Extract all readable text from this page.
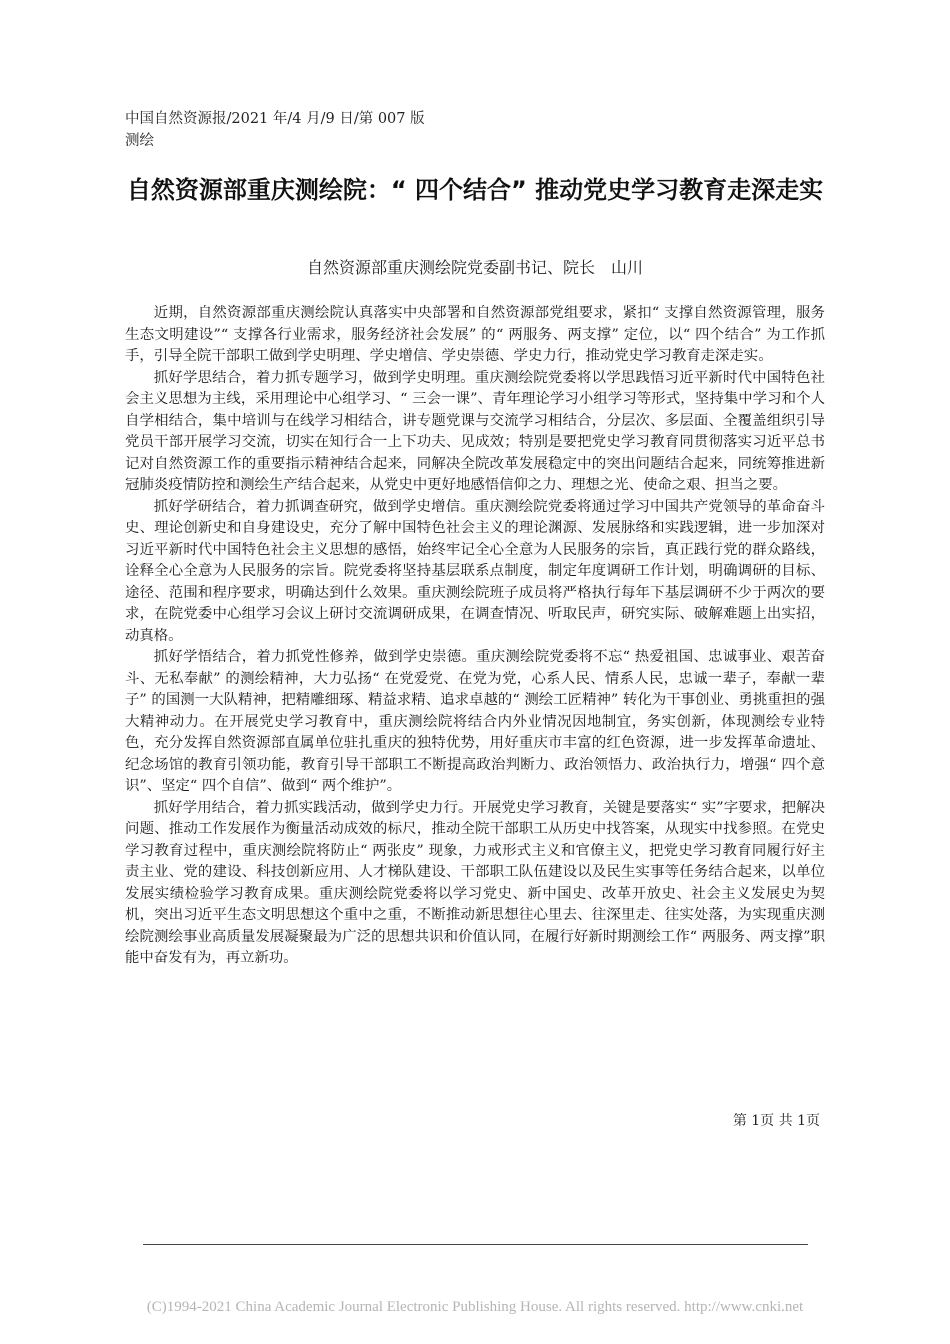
中国自然资源报/2021 年/4 月/9 日/第 007 版测绘
自然资源部重庆测绘院：“ 四个结合” 推动党史学习教育走深走实
自然资源部重庆测绘院党委副书记、院长　山川

近期，自然资源部重庆测绘院认真落实中央部署和自然资源部党组要求，紧扣“ 支撑自然资源管理，服务生态文明建设”“ 支撑各行业需求，服务经济社会发展” 的“ 两服务、两支撑” 定位，以“ 四个结合” 为工作抓手，引导全院干部职工做到学史明理、学史增信、学史崇德、学史力行，推动党史学习教育走深走实。

抓好学思结合，着力抓专题学习，做到学史明理。重庆测绘院党委将以学思践悟习近平新时代中国特色社会主义思想为主线，采用理论中心组学习、“ 三会一课”、青年理论学习小组学习等形式，坚持集中学习和个人自学相结合，集中培训与在线学习相结合，讲专题党课与交流学习相结合，分层次、多层面、全覆盖组织引导党员干部开展学习交流，切实在知行合一上下功夫、见成效；特别是要把党史学习教育同贯彻落实习近平总书记对自然资源工作的重要指示精神结合起来，同解决全院改革发展稳定中的突出问题结合起来，同统筹推进新冠肺炎疫情防控和测绘生产结合起来，从党史中更好地感悟信仰之力、理想之光、使命之艰、担当之要。

抓好学研结合，着力抓调查研究，做到学史增信。重庆测绘院党委将通过学习中国共产党领导的革命奋斗史、理论创新史和自身建设史，充分了解中国特色社会主义的理论渊源、发展脉络和实践逻辑，进一步加深对习近平新时代中国特色社会主义思想的感悟，始终牢记全心全意为人民服务的宗旨，真正践行党的群众路线，诠释全心全意为人民服务的宗旨。院党委将坚持基层联系点制度，制定年度调研工作计划，明确调研的目标、途径、范围和程序要求，明确达到什么效果。重庆测绘院班子成员将严格执行每年下基层调研不少于两次的要求，在院党委中心组学习会议上研讨交流调研成果，在调查情况、听取民声，研究实际、破解难题上出实招，动真格。

抓好学悟结合，着力抓党性修养，做到学史崇德。重庆测绘院党委将不忘“ 热爱祖国、忠诚事业、艰苦奋斗、无私奉献” 的测绘精神，大力弘扬“ 在党爱党、在党为党，心系人民、情系人民，忠诚一辈子，奉献一辈子” 的国测一大队精神，把精雕细琢、精益求精、追求卓越的“ 测绘工匠精神” 转化为干事创业、勇挑重担的强大精神动力。在开展党史学习教育中，重庆测绘院将结合内外业情况因地制宜，务实创新，体现测绘专业特色，充分发挥自然资源部直属单位驻扎重庆的独特优势，用好重庆市丰富的红色资源，进一步发挥革命遗址、纪念场馆的教育引领功能，教育引导干部职工不断提高政治判断力、政治领悟力、政治执行力，增强“ 四个意识”、坚定“ 四个自信”、做到“ 两个维护”。

抓好学用结合，着力抓实践活动，做到学史力行。开展党史学习教育，关键是要落实“ 实”字要求，把解决问题、推动工作发展作为衡量活动成效的标尺，推动全院干部职工从历史中找答案，从现实中找参照。在党史学习教育过程中，重庆测绘院将防止“ 两张皮” 现象，力戒形式主义和官僚主义，把党史学习教育同履行好主责主业、党的建设、科技创新应用、人才梯队建设、干部职工队伍建设以及民生实事等任务结合起来，以单位发展实绩检验学习教育成果。重庆测绘院党委将以学习党史、新中国史、改革开放史、社会主义发展史为契机，突出习近平生态文明思想这个重中之重，不断推动新思想往心里去、往深里走、往实处落，为实现重庆测绘院测绘事业高质量发展凝聚最为广泛的思想共识和价值认同，在履行好新时期测绘工作“ 两服务、两支撑”职能中奋发有为，再立新功。

第 1页 共 1页
(C)1994-2021 China Academic Journal Electronic Publishing House. All rights reserved. http://www.cnki.net
